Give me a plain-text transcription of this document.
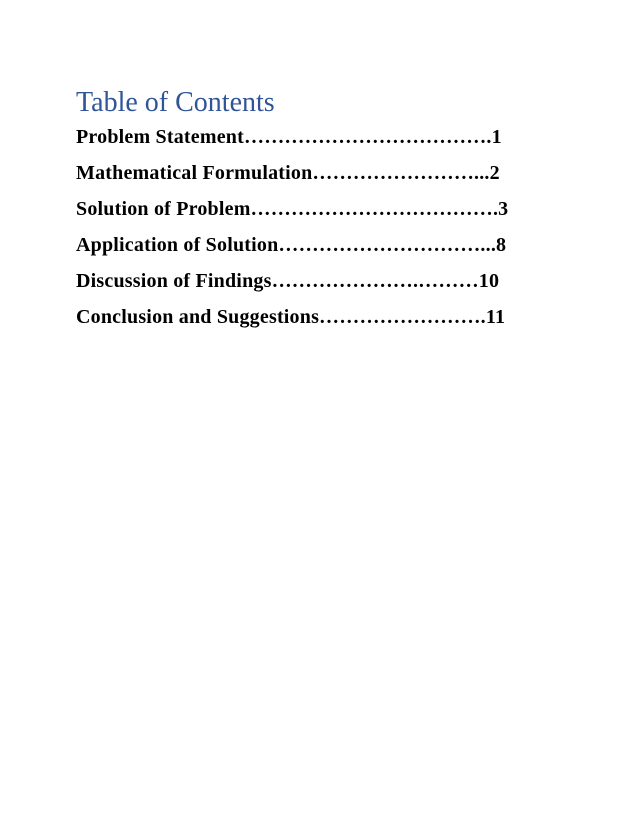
Table of Contents
Problem Statement……………………………….1
Mathematical Formulation……………………...2
Solution of Problem……………………………….3
Application of Solution…………………………...8
Discussion of Findings………………….………10
Conclusion and Suggestions…………………….11
